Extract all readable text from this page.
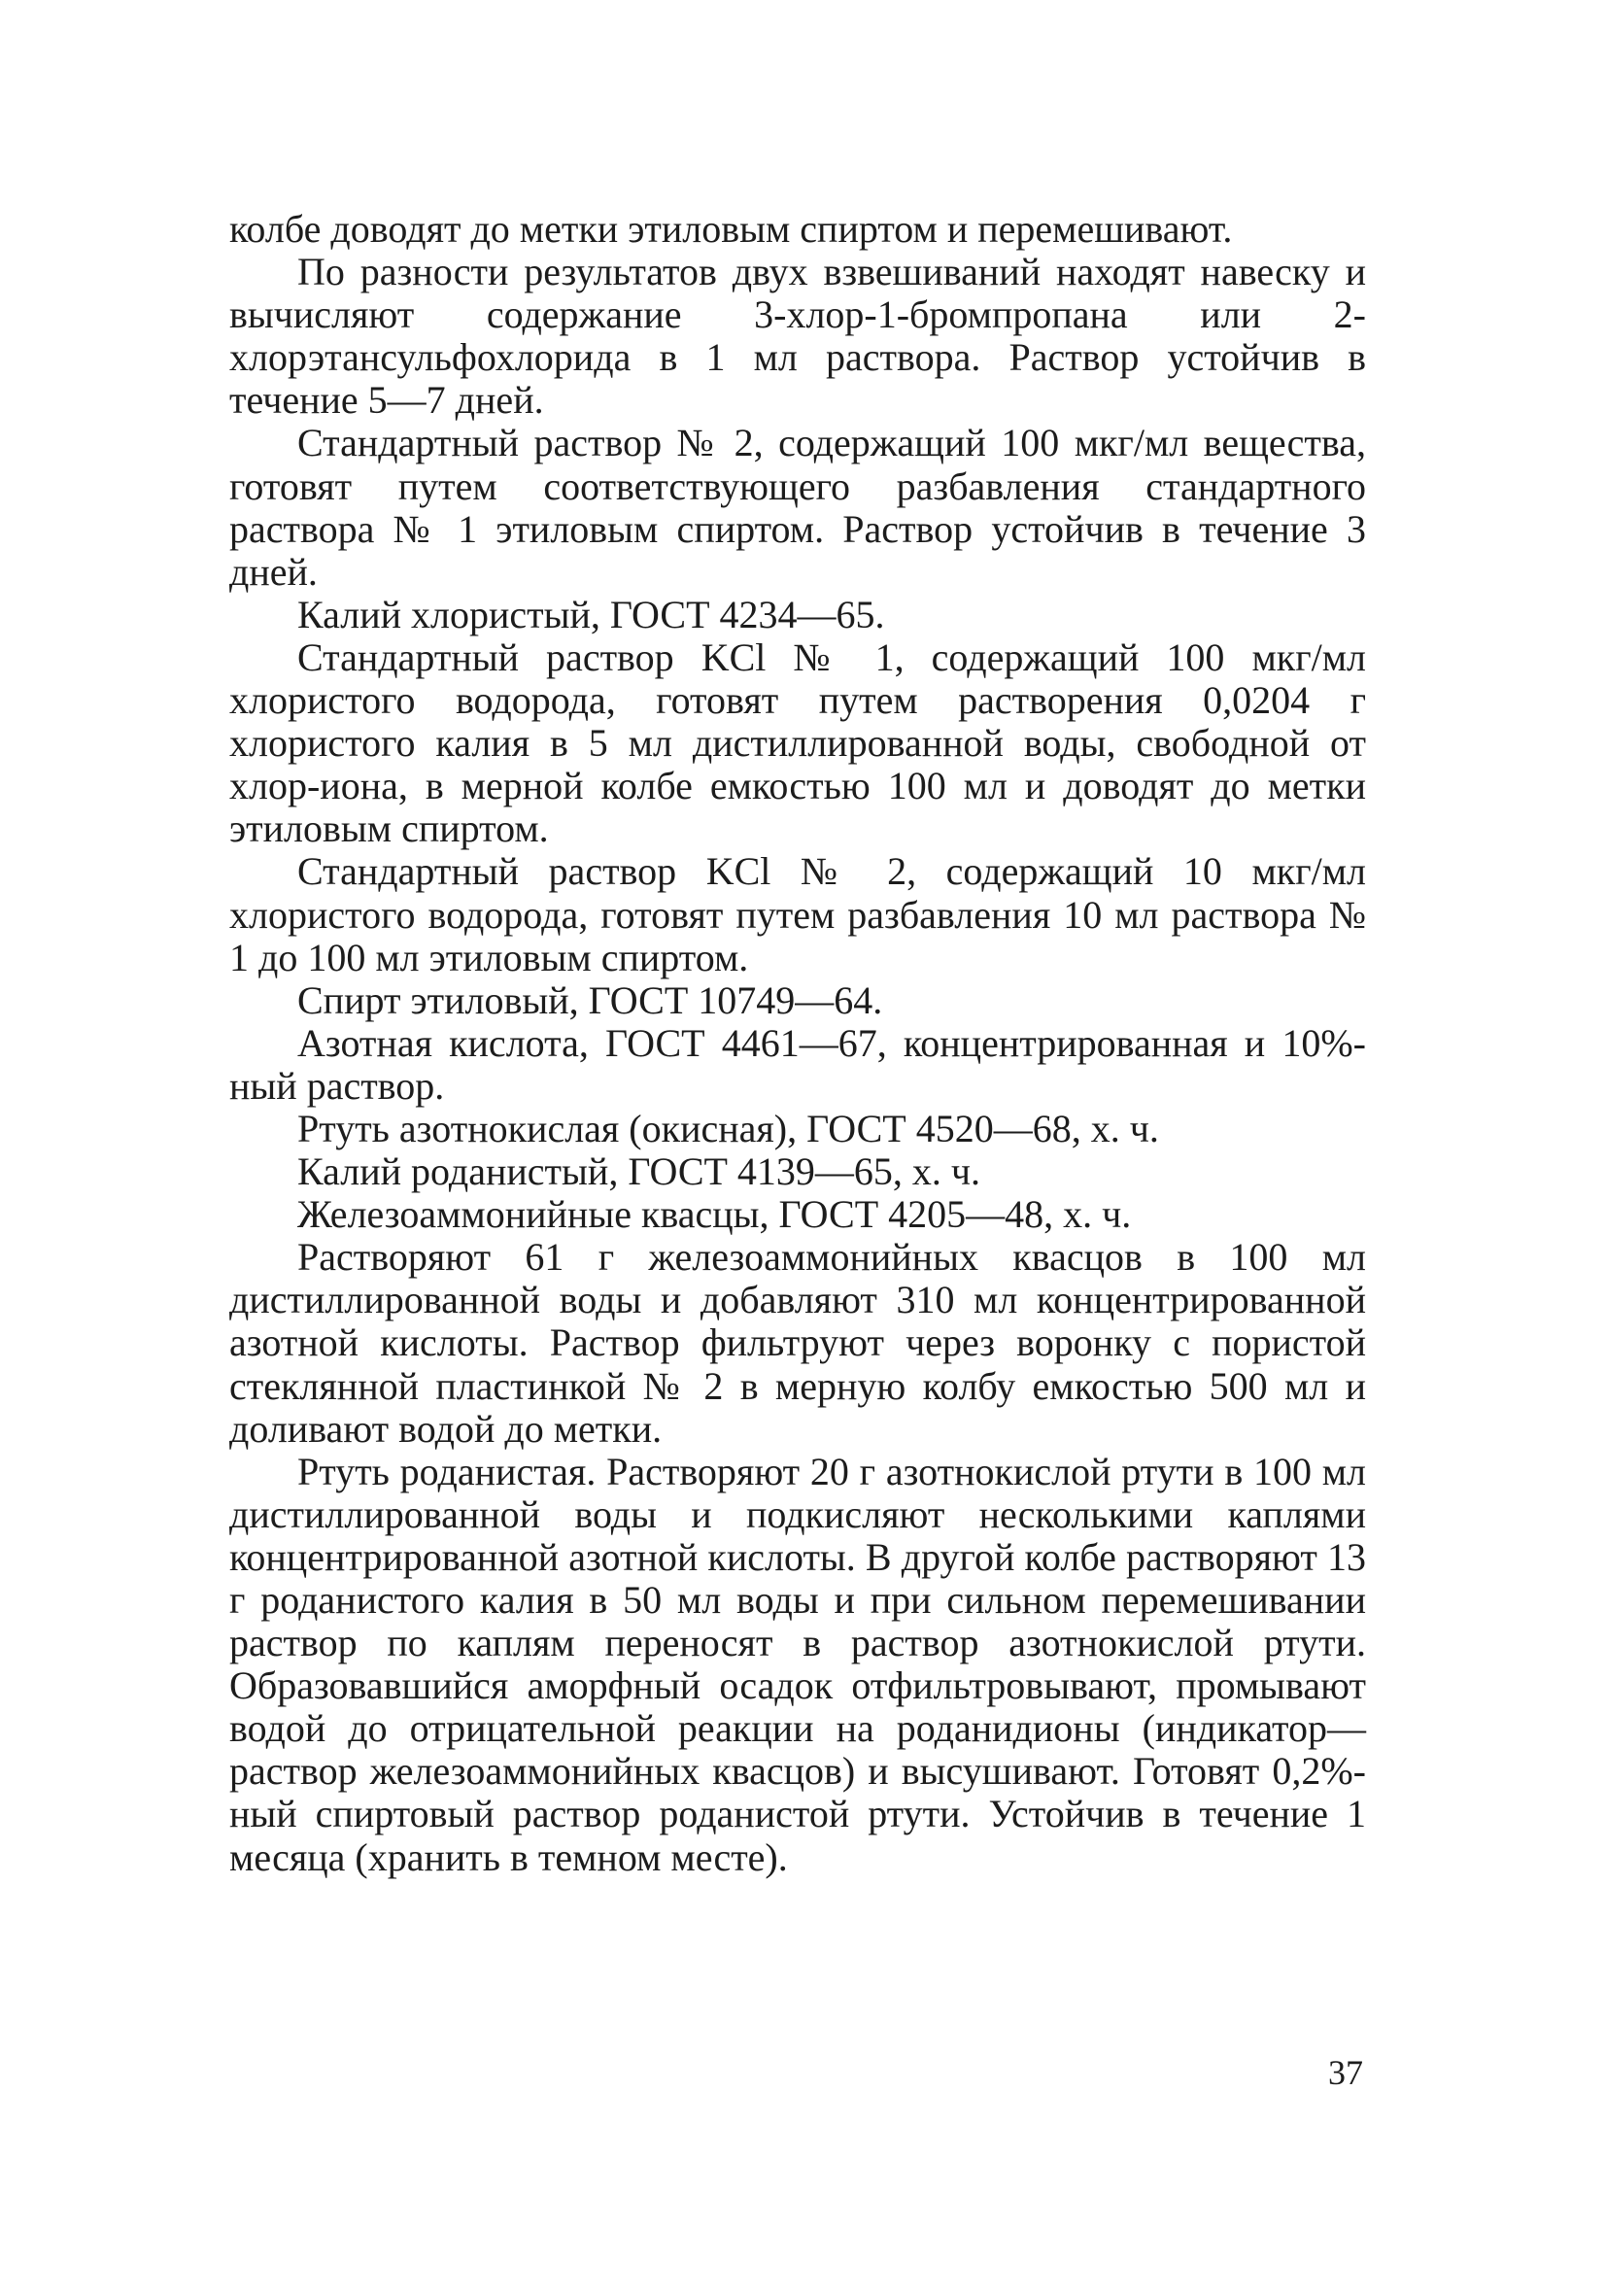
колбе доводят до метки этиловым спиртом и перемешивают.

По разности результатов двух взвешиваний находят навеску и вычисляют содержание 3-хлор-1-бромпропана или 2-хлорэтансульфохлорида в 1 мл раствора. Раствор устойчив в течение 5—7 дней.

Стандартный раствор № 2, содержащий 100 мкг/мл вещества, готовят путем соответствующего разбавления стандартного раствора № 1 этиловым спиртом. Раствор устойчив в течение 3 дней.

Калий хлористый, ГОСТ 4234—65.

Стандартный раствор KCl № 1, содержащий 100 мкг/мл хлористого водорода, готовят путем растворения 0,0204 г хлористого калия в 5 мл дистиллированной воды, свободной от хлор-иона, в мерной колбе емкостью 100 мл и доводят до метки этиловым спиртом.

Стандартный раствор KCl № 2, содержащий 10 мкг/мл хлористого водорода, готовят путем разбавления 10 мл раствора № 1 до 100 мл этиловым спиртом.

Спирт этиловый, ГОСТ 10749—64.

Азотная кислота, ГОСТ 4461—67, концентрированная и 10%-ный раствор.

Ртуть азотнокислая (окисная), ГОСТ 4520—68, х. ч.

Калий роданистый, ГОСТ 4139—65, х. ч.

Железоаммонийные квасцы, ГОСТ 4205—48, х. ч.

Растворяют 61 г железоаммонийных квасцов в 100 мл дистиллированной воды и добавляют 310 мл концентрированной азотной кислоты. Раствор фильтруют через воронку с пористой стеклянной пластинкой № 2 в мерную колбу емкостью 500 мл и доливают водой до метки.

Ртуть роданистая. Растворяют 20 г азотнокислой ртути в 100 мл дистиллированной воды и подкисляют несколькими каплями концентрированной азотной кислоты. В другой колбе растворяют 13 г роданистого калия в 50 мл воды и при сильном перемешивании раствор по каплям переносят в раствор азотнокислой ртути. Образовавшийся аморфный осадок отфильтровывают, промывают водой до отрицательной реакции на роданидионы (индикатор—раствор железоаммонийных квасцов) и высушивают. Готовят 0,2%-ный спиртовый раствор роданистой ртути. Устойчив в течение 1 месяца (хранить в темном месте).

37
